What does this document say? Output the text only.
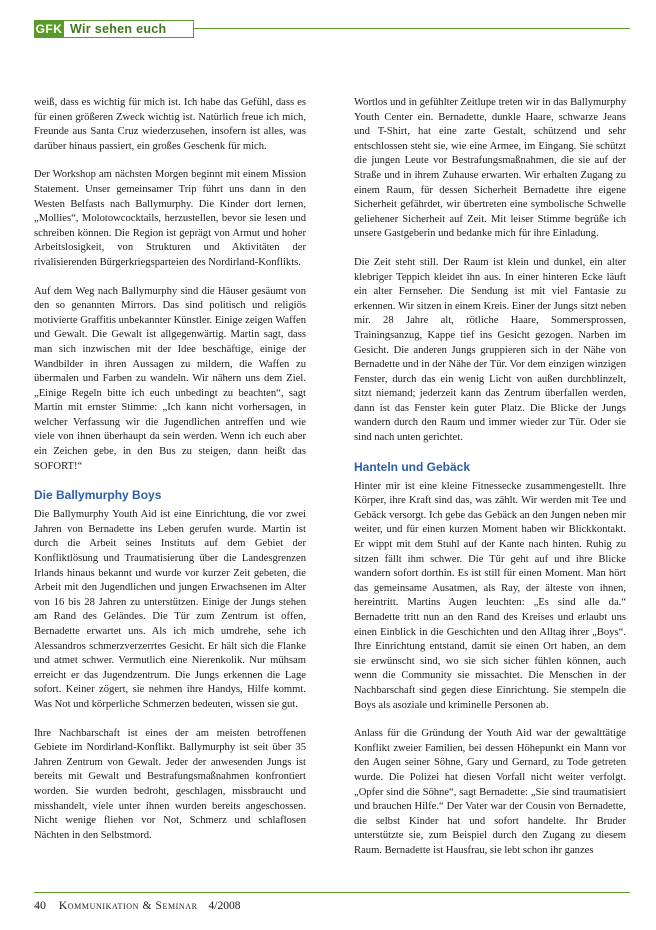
GFK Wir sehen euch

weiß, dass es wichtig für mich ist. Ich habe das Gefühl, dass es für einen größeren Zweck wichtig ist. Natürlich freue ich mich, Freunde aus Santa Cruz wiederzusehen, insofern ist alles, was darüber hinaus passiert, ein großes Geschenk für mich.

Der Workshop am nächsten Morgen beginnt mit einem Mission Statement. Unser gemeinsamer Trip führt uns dann in den Westen Belfasts nach Ballymurphy. Die Kinder dort lernen, „Mollies“, Molotowcocktails, herzustellen, bevor sie lesen und schreiben können. Die Region ist geprägt von Armut und hoher Arbeitslosigkeit, von Strukturen und Aktivitäten der rivalisierenden Bürgerkriegsparteien des Nordirland-Konflikts.

Auf dem Weg nach Ballymurphy sind die Häuser gesäumt von den so genannten Mirrors. Das sind politisch und religiös motivierte Graffitis unbekannter Künstler. Einige zeigen Waffen und Gewalt. Die Gewalt ist allgegenwärtig. Martin sagt, dass man sich inzwischen mit der Idee beschäftige, einige der Wandbilder in ihren Aussagen zu mildern, die Waffen zu übermalen und Farben zu wandeln. Wir nähern uns dem Ziel. „Einige Regeln bitte ich euch unbedingt zu beachten“, sagt Martin mit ernster Stimme: „Ich kann nicht vorhersagen, in welcher Verfassung wir die Jugendlichen antreffen und wie viele von ihnen überhaupt da sein werden. Wenn ich euch aber ein Zeichen gebe, in den Bus zu steigen, dann heißt das SOFORT!“

Die Ballymurphy Boys

Die Ballymurphy Youth Aid ist eine Einrichtung, die vor zwei Jahren von Bernadette ins Leben gerufen wurde. Martin ist durch die Arbeit seines Instituts auf dem Gebiet der Konfliktlösung und Traumatisierung über die Landesgrenzen Irlands hinaus bekannt und wurde vor kurzer Zeit gebeten, die Arbeit mit den Jugendlichen und jungen Erwachsenen im Alter von 16 bis 28 Jahren zu unterstützen. Einige der Jungs stehen am Rand des Geländes. Die Tür zum Zentrum ist offen, Bernadette erwartet uns. Als ich mich umdrehe, sehe ich Alessandros schmerzverzerrtes Gesicht. Er hält sich die Flanke und atmet schwer. Vermutlich eine Nierenkolik. Nur mühsam erreicht er das Jugendzentrum. Die Jungs erkennen die Lage sofort. Keiner zögert, sie nehmen ihre Handys, Hilfe kommt. Was Not und körperliche Schmerzen bedeuten, wissen sie gut.

Ihre Nachbarschaft ist eines der am meisten betroffenen Gebiete im Nordirland-Konflikt. Ballymurphy ist seit über 35 Jahren Zentrum von Gewalt. Jeder der anwesenden Jungs ist bereits mit Gewalt und Bestrafungsmaßnahmen konfrontiert worden. Sie wurden bedroht, geschlagen, missbraucht und misshandelt, viele unter ihnen wurden bereits angeschossen. Nicht wenige fliehen vor Not, Schmerz und schlaflosen Nächten in den Selbstmord.

Wortlos und in gefühlter Zeitlupe treten wir in das Ballymurphy Youth Center ein. Bernadette, dunkle Haare, schwarze Jeans und T-Shirt, hat eine zarte Gestalt, schützend und sehr entschlossen steht sie, wie eine Armee, im Eingang. Sie schützt die jungen Leute vor Bestrafungsmaßnahmen, die sie auf der Straße und in ihrem Zuhause erwarten. Wir erhalten Zugang zu einem Raum, für dessen Sicherheit Bernadette ihre eigene Sicherheit gefährdet, wir übertreten eine symbolische Schwelle geliehener Sicherheit auf Zeit. Mit leiser Stimme begrüße ich unsere Gastgeberin und bedanke mich für ihre Einladung.

Die Zeit steht still. Der Raum ist klein und dunkel, ein alter klebriger Teppich kleidet ihn aus. In einer hinteren Ecke läuft ein alter Fernseher. Die Sendung ist mit viel Fantasie zu erkennen. Wir sitzen in einem Kreis. Einer der Jungs sitzt neben mir. 28 Jahre alt, rötliche Haare, Sommersprossen, Trainingsanzug, Kappe tief ins Gesicht gezogen. Narben im Gesicht. Die anderen Jungs gruppieren sich in der Nähe von Bernadette und in der Nähe der Tür. Vor dem einzigen winzigen Fenster, durch das ein wenig Licht von außen durchblinzelt, sitzt niemand; jederzeit kann das Zentrum überfallen werden, dann ist das Fenster kein guter Platz. Die Blicke der Jungs wandern durch den Raum und immer wieder zur Tür. Oder sie sind nach unten gerichtet.

Hanteln und Gebäck

Hinter mir ist eine kleine Fitnessecke zusammengestellt. Ihre Körper, ihre Kraft sind das, was zählt. Wir werden mit Tee und Gebäck versorgt. Ich gebe das Gebäck an den Jungen neben mir weiter, und für einen kurzen Moment haben wir Blickkontakt. Er wippt mit dem Stuhl auf der Kante nach hinten. Ruhig zu sitzen fällt ihm schwer. Die Tür geht auf und ihre Blicke wandern sofort dorthin. Es ist still für einen Moment. Man hört das gemeinsame Ausatmen, als Ray, der älteste von ihnen, hereintritt. Martins Augen leuchten: „Es sind alle da.“ Bernadette tritt nun an den Rand des Kreises und erlaubt uns einen Einblick in die Geschichten und den Alltag ihrer „Boys“. Ihre Einrichtung entstand, damit sie einen Ort haben, an dem sie erwünscht sind, wo sie sich sicher fühlen können, auch wenn die Community sie missachtet. Die Menschen in der Nachbarschaft sind gegen diese Einrichtung. Sie stempeln die Boys als asoziale und kriminelle Personen ab.

Anlass für die Gründung der Youth Aid war der gewalttätige Konflikt zweier Familien, bei dessen Höhepunkt ein Mann vor den Augen seiner Söhne, Gary und Gernard, zu Tode getreten wurde. Die Polizei hat diesen Vorfall nicht weiter verfolgt. „Opfer sind die Söhne“, sagt Bernadette: „Sie sind traumatisiert und brauchen Hilfe.“ Der Vater war der Cousin von Bernadette, die selbst Kinder hat und sofort handelte. Ihr Bruder unterstützte sie, zum Beispiel durch den Zugang zu diesem Raum. Bernadette ist Hausfrau, sie lebt schon ihr ganzes

40 Kommunikation & Seminar 4/2008
